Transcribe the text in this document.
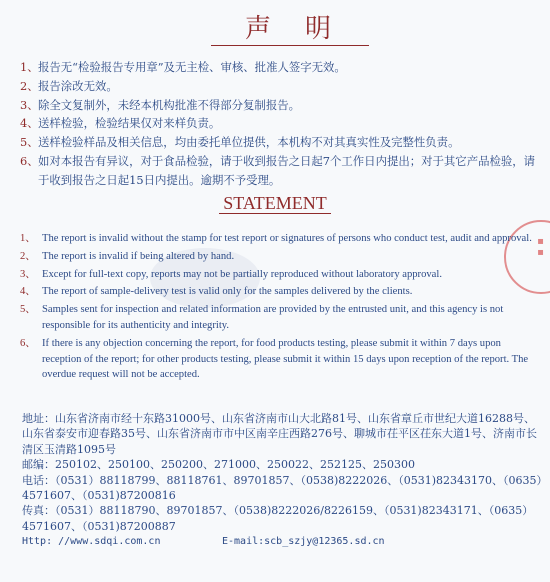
▪▪
声明
1、 报告无“检验报告专用章”及无主检、审核、批准人签字无效。
2、 报告涂改无效。
3、 除全文复制外，未经本机构批准不得部分复制报告。
4、 送样检验，检验结果仅对来样负责。
5、 送样检验样品及相关信息，均由委托单位提供，本机构不对其真实性及完整性负责。
6、 如对本报告有异议，对于食品检验，请于收到报告之日起7个工作日内提出；对于其它产品检验，请于收到报告之日起15日内提出。逾期不予受理。
STATEMENT
1、 The report is invalid without the stamp for test report or signatures of persons who conduct test, audit and approval.
2、 The report is invalid if being altered by hand.
3、 Except for full-text copy, reports may not be partially reproduced without laboratory approval.
4、 The report of sample-delivery test is valid only for the samples delivered by the clients.
5、 Samples sent for inspection and related information are provided by the entrusted unit, and this agency is not responsible for its authenticity and integrity.
6、 If there is any objection concerning the report, for food products testing, please submit it within 7 days upon reception of the report; for other products testing, please submit it within 15 days upon reception of the report. The overdue request will not be accepted.
地址：山东省济南市经十东路31000号、山东省济南市山大北路81号、山东省章丘市世纪大道16288号、山东省泰安市迎春路35号、山东省济南市市中区南辛庄西路276号、聊城市茌平区茌东大道1号、济南市长清区玉清路1095号
邮编：250102、250100、250200、271000、250022、252125、250300
电话：（0531）88118799、88118761、89701857、（0538)8222026、（0531)82343170、（0635）4571607、（0531)87200816
传真：（0531）88118790、89701857、（0538)8222026/8226159、（0531)82343171、（0635）4571607、（0531)87200887
Http: //www.sdqi.com.cn	E-mail:scb_szjy@12365.sd.cn
